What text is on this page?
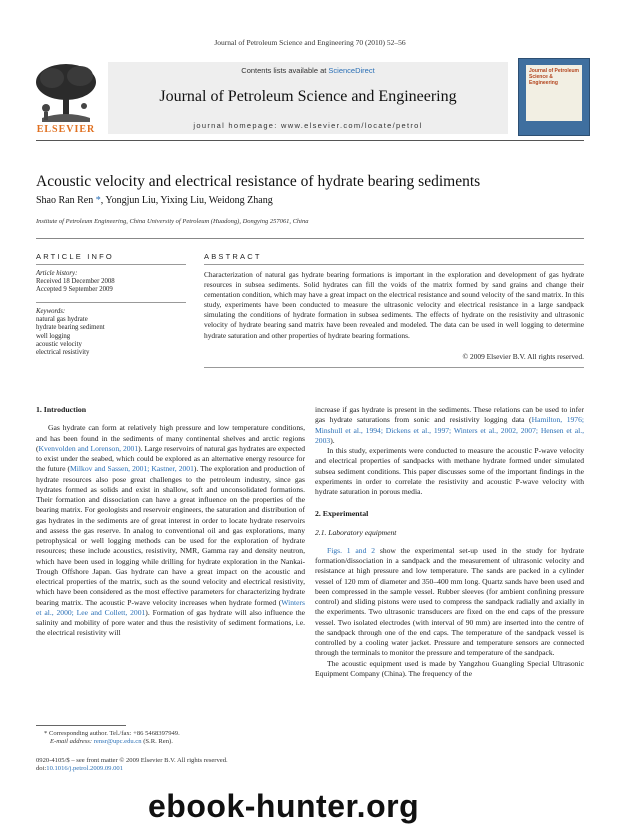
Journal of Petroleum Science and Engineering 70 (2010) 52–56
ELSEVIER
Contents lists available at ScienceDirect
Journal of Petroleum Science and Engineering
journal homepage: www.elsevier.com/locate/petrol
Journal of Petroleum Science & Engineering
Acoustic velocity and electrical resistance of hydrate bearing sediments
Shao Ran Ren *, Yongjun Liu, Yixing Liu, Weidong Zhang
Institute of Petroleum Engineering, China University of Petroleum (Huadong), Dongying 257061, China
ARTICLE INFO
Article history:
Received 18 December 2008
Accepted 9 September 2009
Keywords:
natural gas hydrate
hydrate bearing sediment
well logging
acoustic velocity
electrical resistivity
ABSTRACT
Characterization of natural gas hydrate bearing formations is important in the exploration and development of gas hydrate resources in subsea sediments. Solid hydrates can fill the voids of the matrix formed by sand grains and change their cementation condition, which may have a great impact on the electrical resistance and sound velocity of the sand matrix. In this study, experiments have been conducted to measure the ultrasonic velocity and electrical resistance in a large sandpack simulating the conditions of hydrate formation in subsea sediments. The effects of hydrate on the resistivity and ultrasonic velocity of hydrate bearing sand matrix have been revealed and modeled. The data can be used in well logging to determine hydrate saturation and other properties of hydrate bearing formations.
© 2009 Elsevier B.V. All rights reserved.
1. Introduction

Gas hydrate can form at relatively high pressure and low temperature conditions, and has been found in the sediments of many continental shelves and arctic regions (Kvenvolden and Lorenson, 2001). Large reservoirs of natural gas hydrates are expected to exist under the seabed, which could be explored as an alternative energy resource for the future (Milkov and Sassen, 2001; Kastner, 2001). The exploration and production of hydrate resources also pose great challenges to the petroleum industry, since gas hydrates formed as solids and exist in shallow, soft and unconsolidated formations. Their formation and dissociation can have a great influence on the properties of the bearing matrix. For geologists and reservoir engineers, the saturation and distribution of gas hydrates in the sediments are of great interest in order to locate hydrate reservoirs and assess the gas reserve. In analog to conventional oil and gas explorations, many petrophysical or well logging methods can be used for the exploration of hydrate resources; these include acoustics, resistivity, NMR, Gamma ray and density neutron, which have been used in logging while drilling for hydrate exploration in the Nankai-Trough Offshore Japan. Gas hydrate can have a great impact on the acoustic and electrical properties of the matrix, such as the sound velocity and electrical resistivity, which have been considered as the most effective parameters for characterizing hydrate bearing matrix. The acoustic P-wave velocity increases when hydrate formed (Winters et al., 2000; Lee and Collett, 2001). Formation of gas hydrate will also influence the salinity and mobility of pore water and thus the resistivity of sediment formations, i.e. the electrical resistivity will

increase if gas hydrate is present in the sediments. These relations can be used to infer gas hydrate saturations from sonic and resistivity logging data (Hamilton, 1976; Minshull et al., 1994; Dickens et al., 1997; Winters et al., 2002, 2007; Hensen et al., 2003).

In this study, experiments were conducted to measure the acoustic P-wave velocity and electrical properties of sandpacks with methane hydrate formed under simulated subsea sediment conditions. This paper discusses some of the important findings in the experiments in order to correlate the resistivity and acoustic P-wave velocity with hydrate saturation in porous media.

2. Experimental
2.1. Laboratory equipment

Figs. 1 and 2 show the experimental set-up used in the study for hydrate formation/dissociation in a sandpack and the measurement of ultrasonic velocity and resistance at high pressure and low temperature. The sands are packed in a cylinder vessel of 120 mm of diameter and 350–400 mm long. Quartz sands have been used and been compressed in the sample vessel. Rubber sleeves (for ambient confining pressure control) and sliding pistons were used to compress the sandpack radially and axially in the experiments. Two ultrasonic transducers are fixed on the end caps of the pressure vessel. Two isolated electrodes (with interval of 90 mm) are inserted into the centre of the sandpack through one of the end caps. The temperature of the sandpack vessel is controlled by a cooling water jacket. Pressure and temperature sensors are connected through the terminals to monitor the pressure and temperature of the sandpack.

The acoustic equipment used is made by Yangzhou Guangling Special Ultrasonic Equipment Company (China). The frequency of the

* Corresponding author. Tel./fax: +86 5468397949.
E-mail address: rensr@upc.edu.cn (S.R. Ren).
0920-4105/$ – see front matter © 2009 Elsevier B.V. All rights reserved.
doi:10.1016/j.petrol.2009.09.001
ebook-hunter.org
